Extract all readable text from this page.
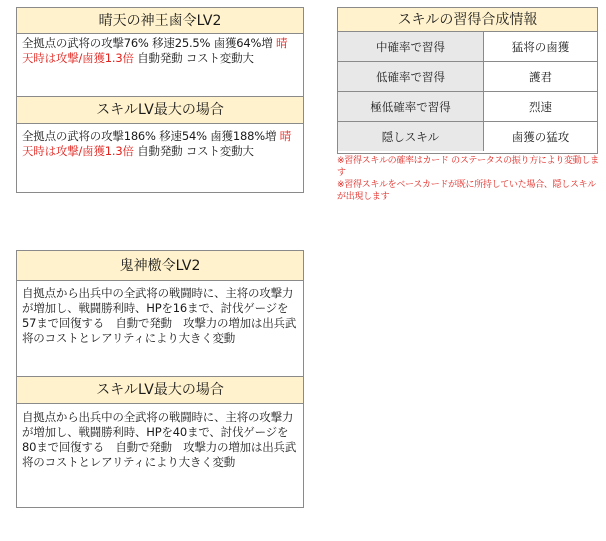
晴天の神王鹵令LV2
全拠点の武将の攻撃76% 移速25.5% 鹵獲64%増 晴天時は攻撃/鹵獲1.3倍 自動発動 コスト変動大
スキルLV最大の場合
全拠点の武将の攻撃186% 移速54% 鹵獲188%増 晴天時は攻撃/鹵獲1.3倍 自動発動 コスト変動大
スキルの習得合成情報
中確率で習得	猛将の鹵獲
低確率で習得	護君
極低確率で習得	烈速
隠しスキル	鹵獲の猛攻
※習得スキルの確率はカード のステータスの振り方により変動します
※習得スキルをベースカードが既に所持していた場合、隠しスキルが出現します
鬼神檄令LV2
自拠点から出兵中の全武将の戦闘時に、主将の攻撃力が増加し、戦闘勝利時、HPを16まで、討伐ゲージを57まで回復する　自動で発動　攻撃力の増加は出兵武将のコストとレアリティにより大きく変動
スキルLV最大の場合
自拠点から出兵中の全武将の戦闘時に、主将の攻撃力が増加し、戦闘勝利時、HPを40まで、討伐ゲージを80まで回復する　自動で発動　攻撃力の増加は出兵武将のコストとレアリティにより大きく変動
